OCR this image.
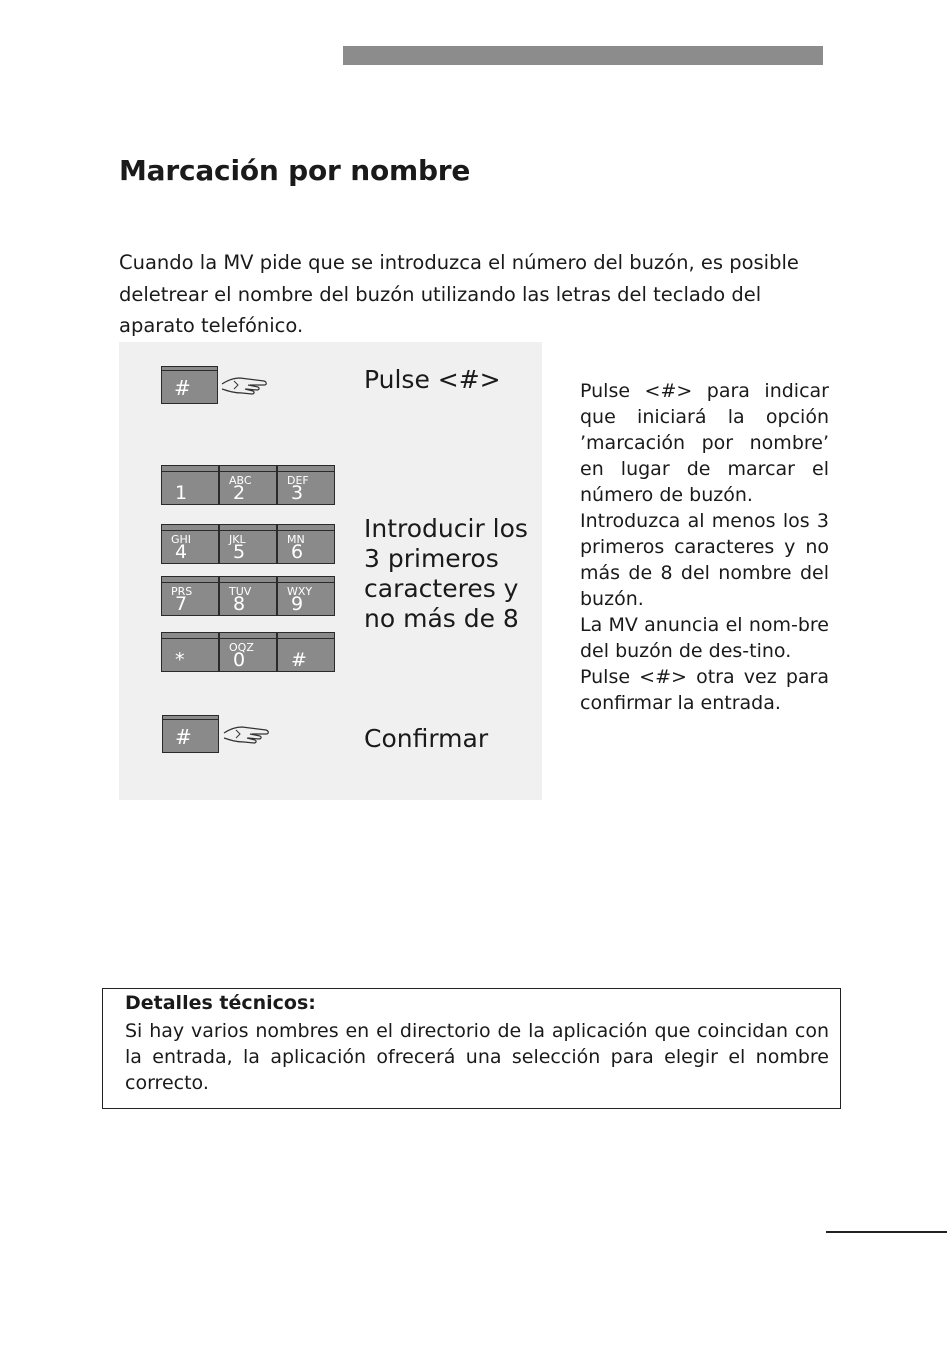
Marcación por nombre

Cuando la MV pide que se introduzca el número del buzón, es posible deletrear el nombre del buzón utilizando las letras del teclado del aparato telefónico.

#
1
ABC
2
DEF
3
GHI
4
JKL
5
MN
6
PRS
7
TUV
8
WXY
9
*
OQZ
0 #

Pulse <#>

Introducir los 3 primeros caracteres y no más de 8

#	Confirmar

Pulse <#> para indicar que iniciará la opción ’marcación por nombre’ en lugar de marcar el número de buzón.

Introduzca al menos los 3 primeros caracteres y no más de 8 del nombre del buzón.

La MV anuncia el nom-bre del buzón de des-tino.

Pulse <#> otra vez para confirmar la entrada.

Detalles técnicos:

Si hay varios nombres en el directorio de la aplicación que coincidan con la entrada, la aplicación ofrecerá una selección para elegir el nombre correcto.
